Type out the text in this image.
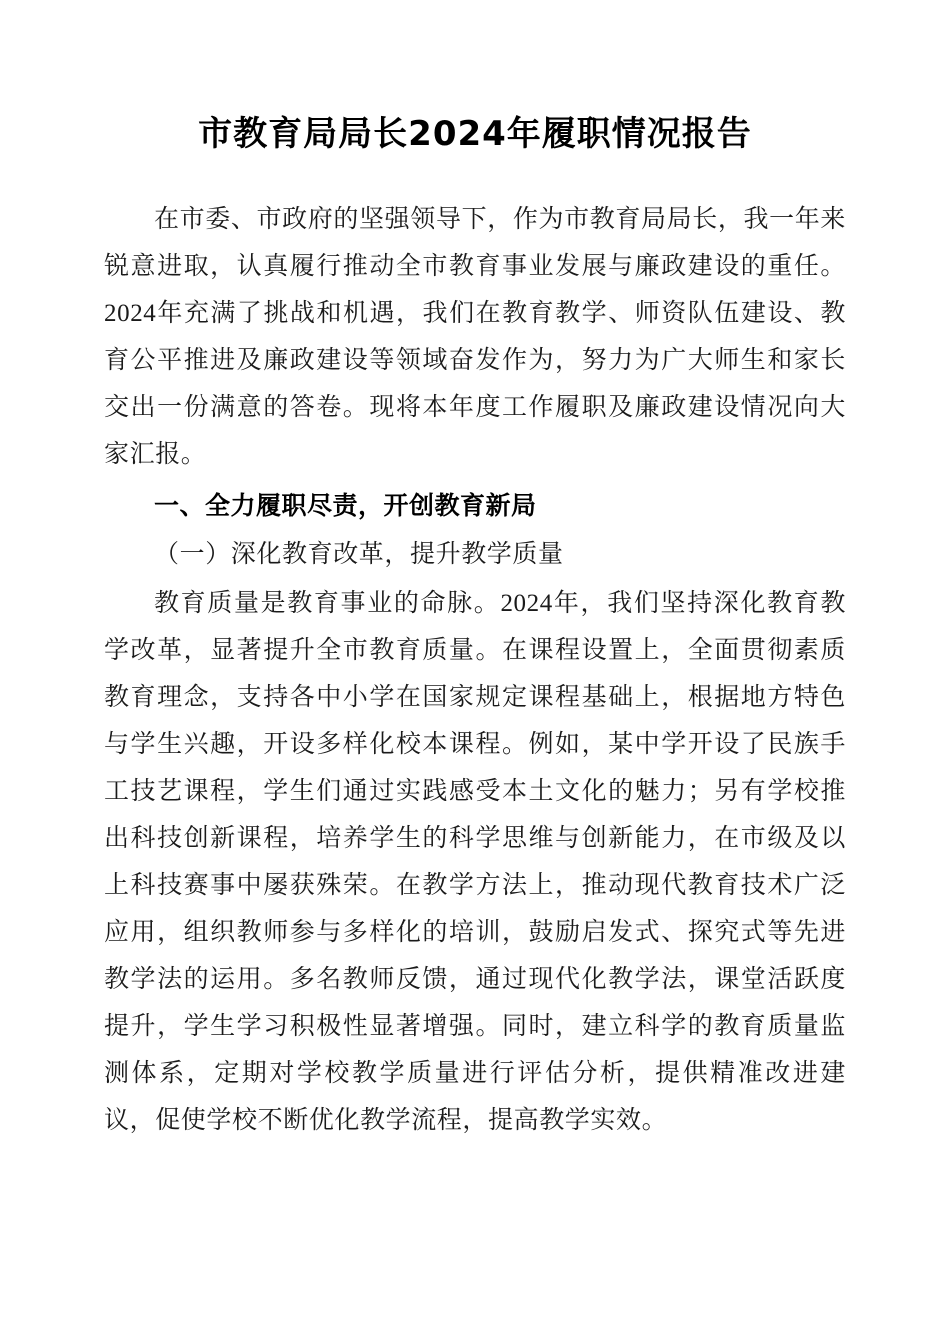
市教育局局长2024年履职情况报告

在市委、市政府的坚强领导下，作为市教育局局长，我一年来锐意进取，认真履行推动全市教育事业发展与廉政建设的重任。2024年充满了挑战和机遇，我们在教育教学、师资队伍建设、教育公平推进及廉政建设等领域奋发作为，努力为广大师生和家长交出一份满意的答卷。现将本年度工作履职及廉政建设情况向大家汇报。

一、全力履职尽责，开创教育新局

（一）深化教育改革，提升教学质量

教育质量是教育事业的命脉。2024年，我们坚持深化教育教学改革，显著提升全市教育质量。在课程设置上，全面贯彻素质教育理念，支持各中小学在国家规定课程基础上，根据地方特色与学生兴趣，开设多样化校本课程。例如，某中学开设了民族手工技艺课程，学生们通过实践感受本土文化的魅力；另有学校推出科技创新课程，培养学生的科学思维与创新能力，在市级及以上科技赛事中屡获殊荣。在教学方法上，推动现代教育技术广泛应用，组织教师参与多样化的培训，鼓励启发式、探究式等先进教学法的运用。多名教师反馈，通过现代化教学法，课堂活跃度提升，学生学习积极性显著增强。同时，建立科学的教育质量监测体系，定期对学校教学质量进行评估分析，提供精准改进建议，促使学校不断优化教学流程，提高教学实效。
